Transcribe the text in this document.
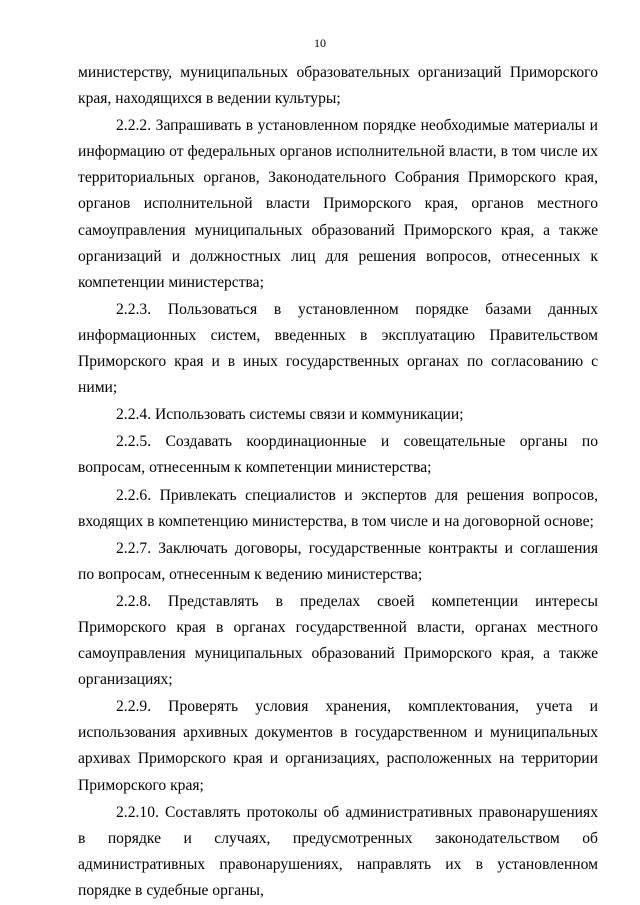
10

министерству, муниципальных образовательных организаций Приморского края, находящихся в ведении культуры;

2.2.2. Запрашивать в установленном порядке необходимые материалы и информацию от федеральных органов исполнительной власти, в том числе их территориальных органов, Законодательного Собрания Приморского края, органов исполнительной власти Приморского края, органов местного самоуправления муниципальных образований Приморского края, а также организаций и должностных лиц для решения вопросов, отнесенных к компетенции министерства;

2.2.3. Пользоваться в установленном порядке базами данных информационных систем, введенных в эксплуатацию Правительством Приморского края и в иных государственных органах по согласованию с ними;

2.2.4. Использовать системы связи и коммуникации;

2.2.5. Создавать координационные и совещательные органы по вопросам, отнесенным к компетенции министерства;

2.2.6. Привлекать специалистов и экспертов для решения вопросов, входящих в компетенцию министерства, в том числе и на договорной основе;

2.2.7. Заключать договоры, государственные контракты и соглашения по вопросам, отнесенным к ведению министерства;

2.2.8. Представлять в пределах своей компетенции интересы Приморского края в органах государственной власти, органах местного самоуправления муниципальных образований Приморского края, а также организациях;

2.2.9. Проверять условия хранения, комплектования, учета и использования архивных документов в государственном и муниципальных архивах Приморского края и организациях, расположенных на территории Приморского края;

2.2.10. Составлять протоколы об административных правонарушениях в порядке и случаях, предусмотренных законодательством об административных правонарушениях, направлять их в установленном порядке в судебные органы,
